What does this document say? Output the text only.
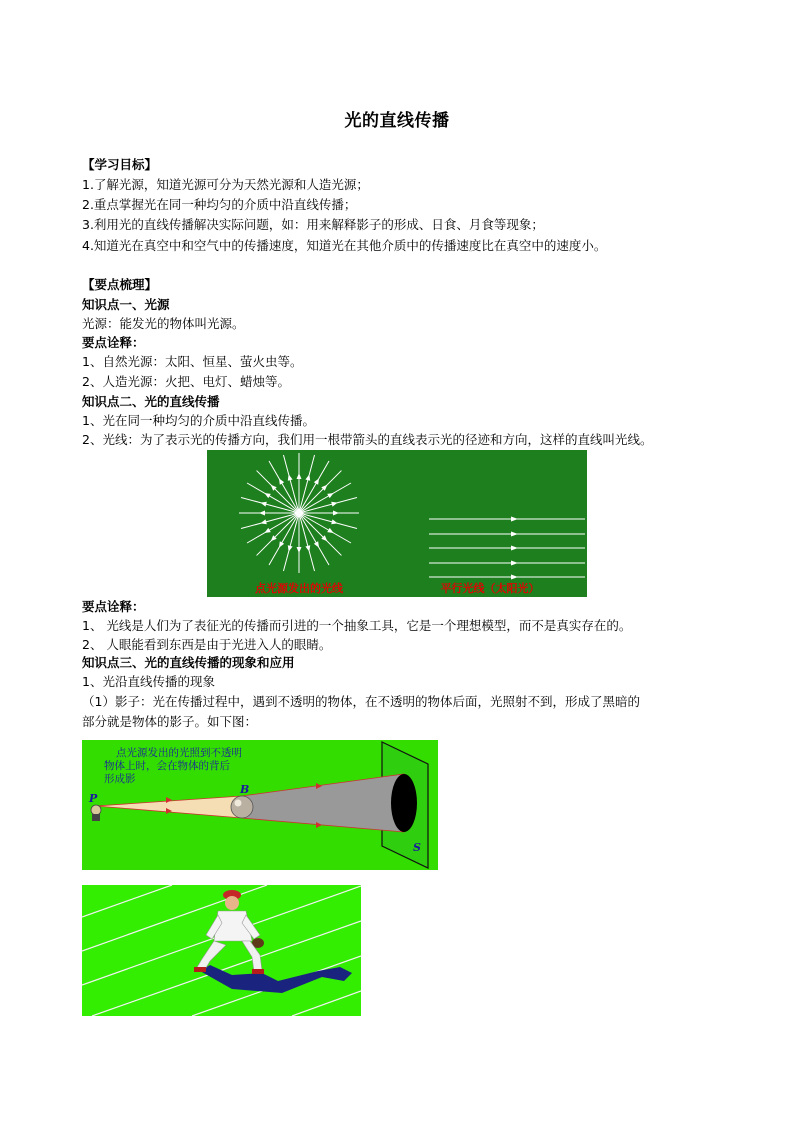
光的直线传播
【学习目标】
1.了解光源，知道光源可分为天然光源和人造光源；
2.重点掌握光在同一种均匀的介质中沿直线传播；
3.利用光的直线传播解决实际问题，如：用来解释影子的形成、日食、月食等现象；
4.知道光在真空中和空气中的传播速度，知道光在其他介质中的传播速度比在真空中的速度小。
【要点梳理】
知识点一、光源
光源：能发光的物体叫光源。
要点诠释：
1、自然光源：太阳、恒星、萤火虫等。
2、人造光源：火把、电灯、蜡烛等。
知识点二、光的直线传播
1、光在同一种均匀的介质中沿直线传播。
2、光线：为了表示光的传播方向，我们用一根带箭头的直线表示光的径迹和方向，这样的直线叫光线。
点光源发出的光线	平行光线（太阳光）
要点诠释：
1、 光线是人们为了表征光的传播而引进的一个抽象工具，它是一个理想模型，而不是真实存在的。
2、 人眼能看到东西是由于光进入人的眼睛。
知识点三、光的直线传播的现象和应用
1、光沿直线传播的现象
（1）影子：光在传播过程中，遇到不透明的物体，在不透明的物体后面，光照射不到，形成了黑暗的
部分就是物体的影子。如下图：
P
B
S
点光源发出的光照到不透明
物体上时，会在物体的背后
形成影
